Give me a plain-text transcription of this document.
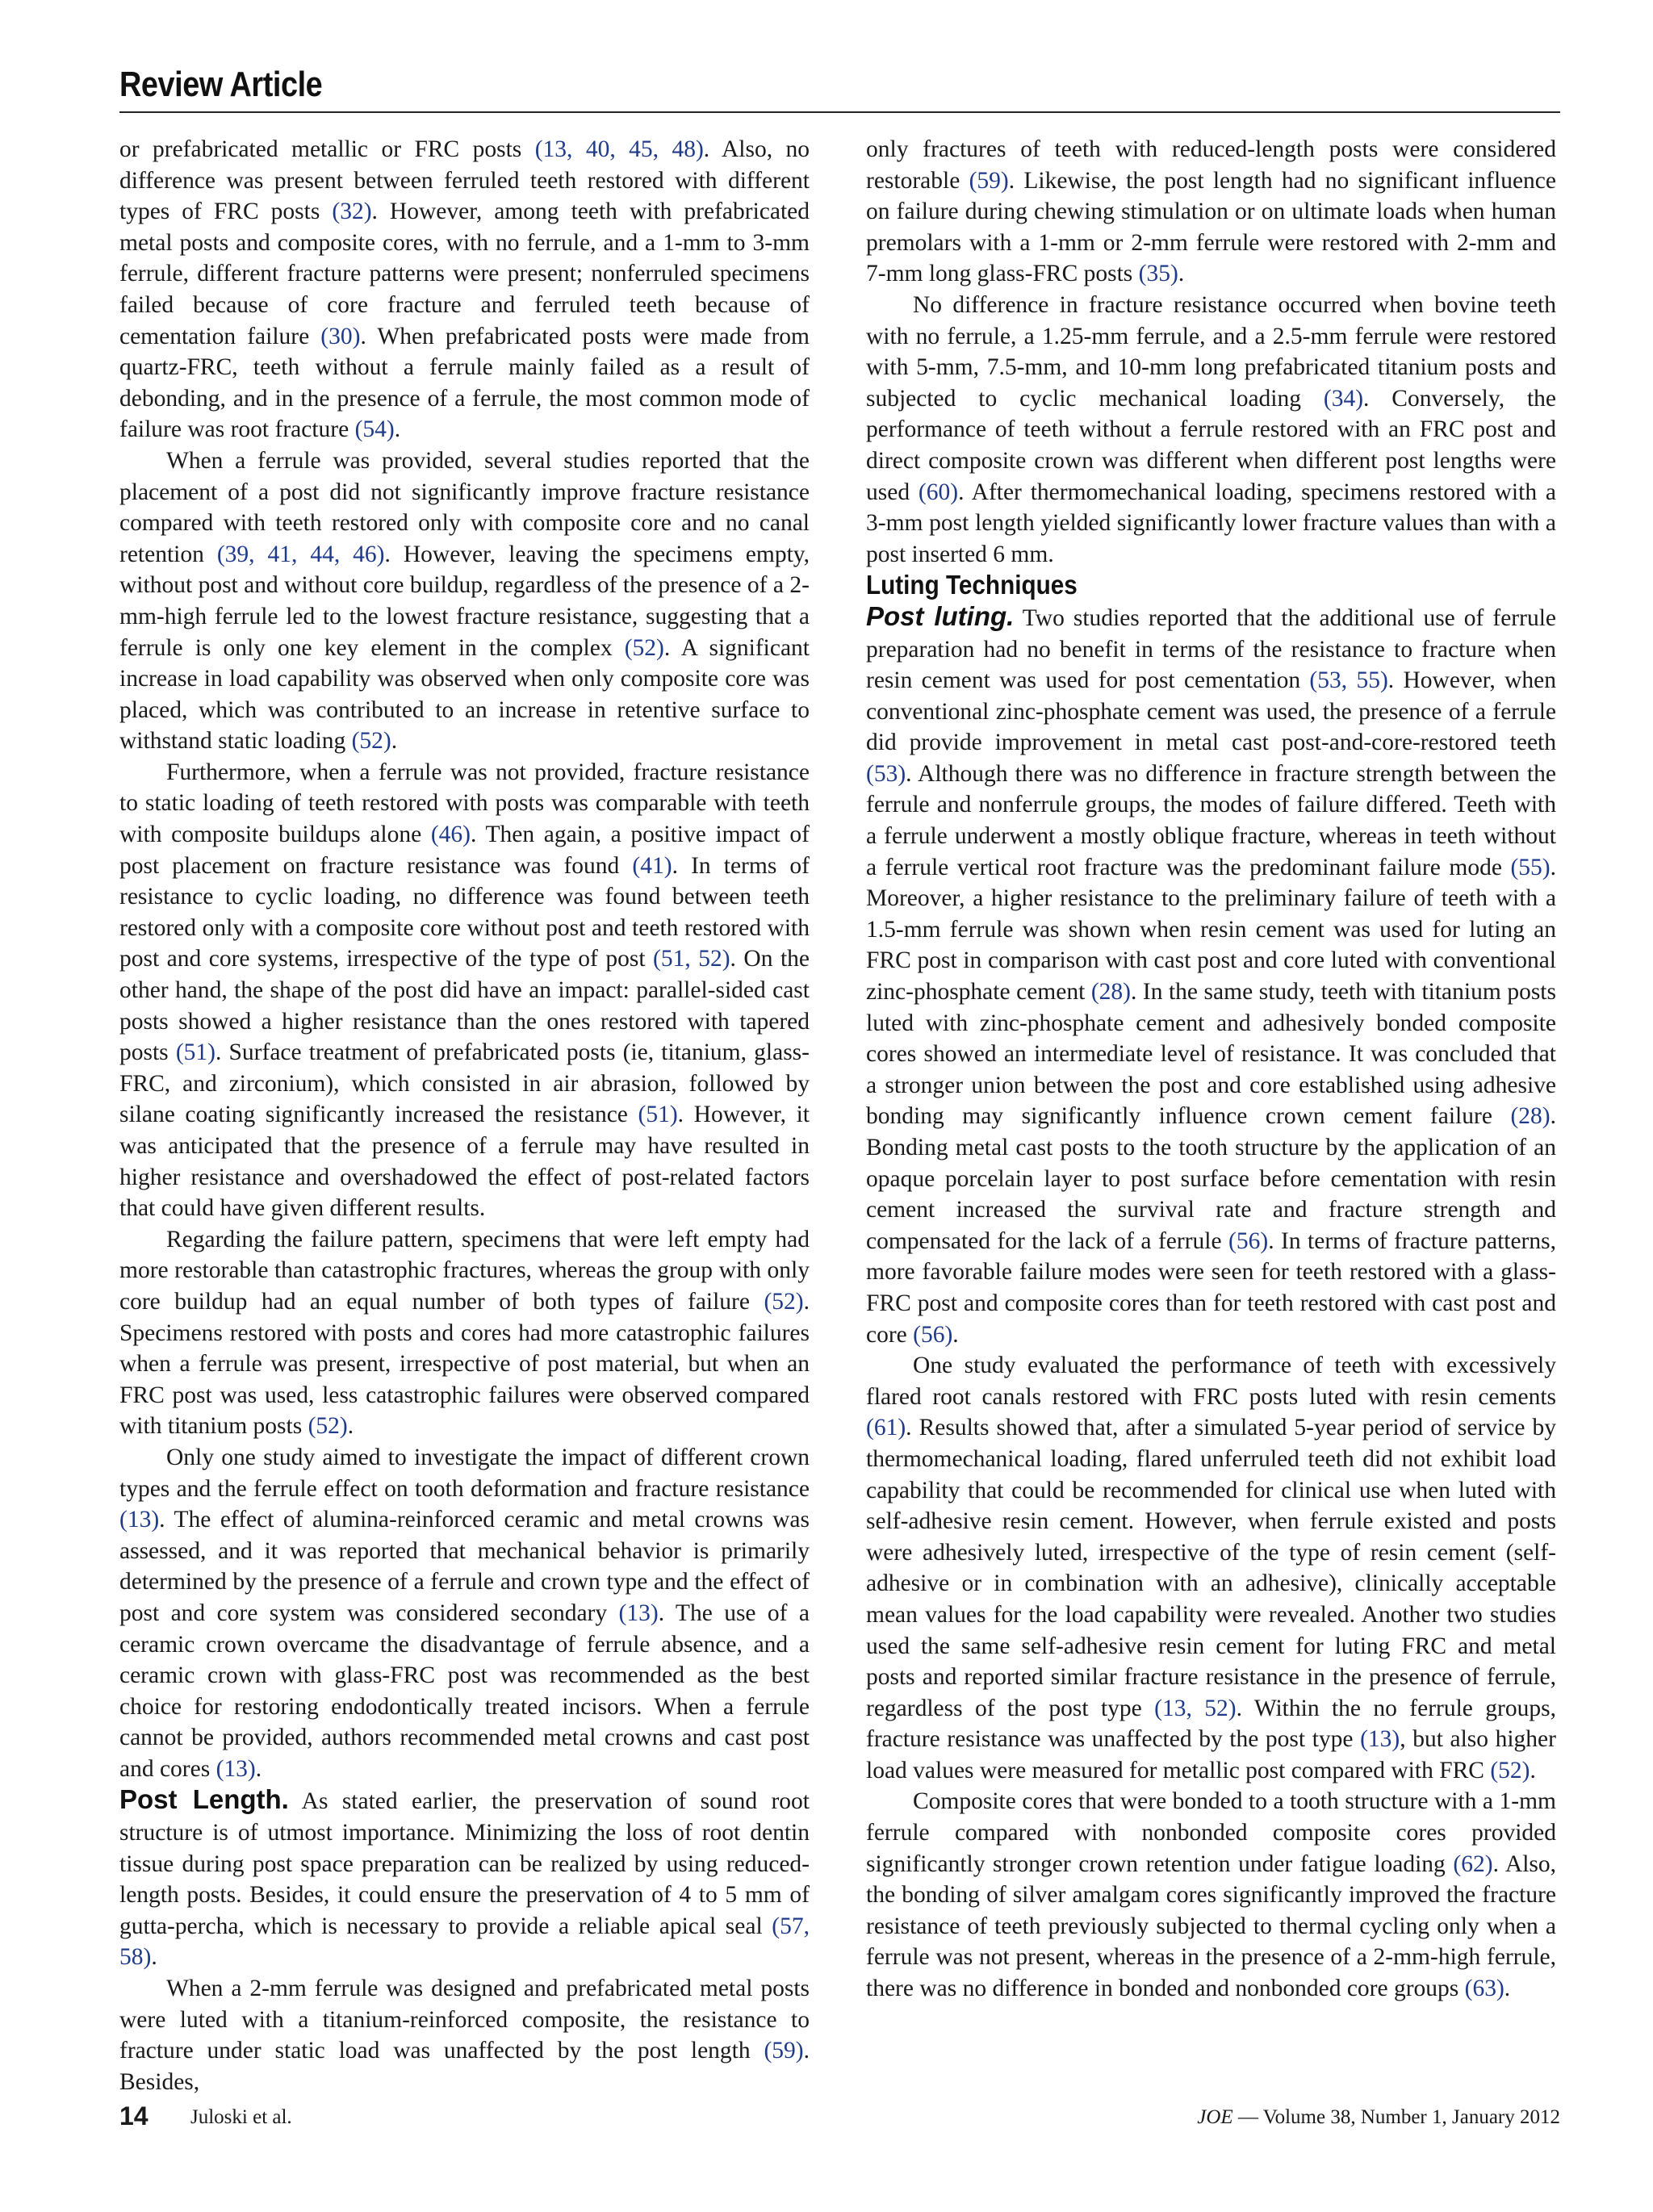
Review Article

or prefabricated metallic or FRC posts (13, 40, 45, 48). Also, no difference was present between ferruled teeth restored with different types of FRC posts (32). However, among teeth with prefabricated metal posts and composite cores, with no ferrule, and a 1-mm to 3-mm ferrule, different fracture patterns were present; nonferruled specimens failed because of core fracture and ferruled teeth because of cementation failure (30). When prefabricated posts were made from quartz-FRC, teeth without a ferrule mainly failed as a result of debonding, and in the presence of a ferrule, the most common mode of failure was root fracture (54).

When a ferrule was provided, several studies reported that the placement of a post did not significantly improve fracture resistance compared with teeth restored only with composite core and no canal retention (39, 41, 44, 46). However, leaving the specimens empty, without post and without core buildup, regardless of the presence of a 2-mm-high ferrule led to the lowest fracture resistance, suggesting that a ferrule is only one key element in the complex (52). A significant increase in load capability was observed when only composite core was placed, which was contributed to an increase in retentive surface to withstand static loading (52).

Furthermore, when a ferrule was not provided, fracture resistance to static loading of teeth restored with posts was comparable with teeth with composite buildups alone (46). Then again, a positive impact of post placement on fracture resistance was found (41). In terms of resistance to cyclic loading, no difference was found between teeth restored only with a composite core without post and teeth restored with post and core systems, irrespective of the type of post (51, 52). On the other hand, the shape of the post did have an impact: parallel-sided cast posts showed a higher resistance than the ones restored with tapered posts (51). Surface treatment of prefabricated posts (ie, titanium, glass-FRC, and zirconium), which consisted in air abrasion, followed by silane coating significantly increased the resistance (51). However, it was anticipated that the presence of a ferrule may have resulted in higher resistance and overshadowed the effect of post-related factors that could have given different results.

Regarding the failure pattern, specimens that were left empty had more restorable than catastrophic fractures, whereas the group with only core buildup had an equal number of both types of failure (52). Specimens restored with posts and cores had more catastrophic failures when a ferrule was present, irrespective of post material, but when an FRC post was used, less catastrophic failures were observed compared with titanium posts (52).

Only one study aimed to investigate the impact of different crown types and the ferrule effect on tooth deformation and fracture resistance (13). The effect of alumina-reinforced ceramic and metal crowns was assessed, and it was reported that mechanical behavior is primarily determined by the presence of a ferrule and crown type and the effect of post and core system was considered secondary (13). The use of a ceramic crown overcame the disadvantage of ferrule absence, and a ceramic crown with glass-FRC post was recommended as the best choice for restoring endodontically treated incisors. When a ferrule cannot be provided, authors recommended metal crowns and cast post and cores (13).

Post Length. As stated earlier, the preservation of sound root structure is of utmost importance. Minimizing the loss of root dentin tissue during post space preparation can be realized by using reduced-length posts. Besides, it could ensure the preservation of 4 to 5 mm of gutta-percha, which is necessary to provide a reliable apical seal (57, 58).

When a 2-mm ferrule was designed and prefabricated metal posts were luted with a titanium-reinforced composite, the resistance to fracture under static load was unaffected by the post length (59). Besides,

only fractures of teeth with reduced-length posts were considered restorable (59). Likewise, the post length had no significant influence on failure during chewing stimulation or on ultimate loads when human premolars with a 1-mm or 2-mm ferrule were restored with 2-mm and 7-mm long glass-FRC posts (35).

No difference in fracture resistance occurred when bovine teeth with no ferrule, a 1.25-mm ferrule, and a 2.5-mm ferrule were restored with 5-mm, 7.5-mm, and 10-mm long prefabricated titanium posts and subjected to cyclic mechanical loading (34). Conversely, the performance of teeth without a ferrule restored with an FRC post and direct composite crown was different when different post lengths were used (60). After thermomechanical loading, specimens restored with a 3-mm post length yielded significantly lower fracture values than with a post inserted 6 mm.

Luting Techniques

Post luting. Two studies reported that the additional use of ferrule preparation had no benefit in terms of the resistance to fracture when resin cement was used for post cementation (53, 55). However, when conventional zinc-phosphate cement was used, the presence of a ferrule did provide improvement in metal cast post-and-core-restored teeth (53). Although there was no difference in fracture strength between the ferrule and nonferrule groups, the modes of failure differed. Teeth with a ferrule underwent a mostly oblique fracture, whereas in teeth without a ferrule vertical root fracture was the predominant failure mode (55). Moreover, a higher resistance to the preliminary failure of teeth with a 1.5-mm ferrule was shown when resin cement was used for luting an FRC post in comparison with cast post and core luted with conventional zinc-phosphate cement (28). In the same study, teeth with titanium posts luted with zinc-phosphate cement and adhesively bonded composite cores showed an intermediate level of resistance. It was concluded that a stronger union between the post and core established using adhesive bonding may significantly influence crown cement failure (28). Bonding metal cast posts to the tooth structure by the application of an opaque porcelain layer to post surface before cementation with resin cement increased the survival rate and fracture strength and compensated for the lack of a ferrule (56). In terms of fracture patterns, more favorable failure modes were seen for teeth restored with a glass-FRC post and composite cores than for teeth restored with cast post and core (56).

One study evaluated the performance of teeth with excessively flared root canals restored with FRC posts luted with resin cements (61). Results showed that, after a simulated 5-year period of service by thermomechanical loading, flared unferruled teeth did not exhibit load capability that could be recommended for clinical use when luted with self-adhesive resin cement. However, when ferrule existed and posts were adhesively luted, irrespective of the type of resin cement (self-adhesive or in combination with an adhesive), clinically acceptable mean values for the load capability were revealed. Another two studies used the same self-adhesive resin cement for luting FRC and metal posts and reported similar fracture resistance in the presence of ferrule, regardless of the post type (13, 52). Within the no ferrule groups, fracture resistance was unaffected by the post type (13), but also higher load values were measured for metallic post compared with FRC (52).

Composite cores that were bonded to a tooth structure with a 1-mm ferrule compared with nonbonded composite cores provided significantly stronger crown retention under fatigue loading (62). Also, the bonding of silver amalgam cores significantly improved the fracture resistance of teeth previously subjected to thermal cycling only when a ferrule was not present, whereas in the presence of a 2-mm-high ferrule, there was no difference in bonded and nonbonded core groups (63).

14 Juloski et al.	JOE — Volume 38, Number 1, January 2012
